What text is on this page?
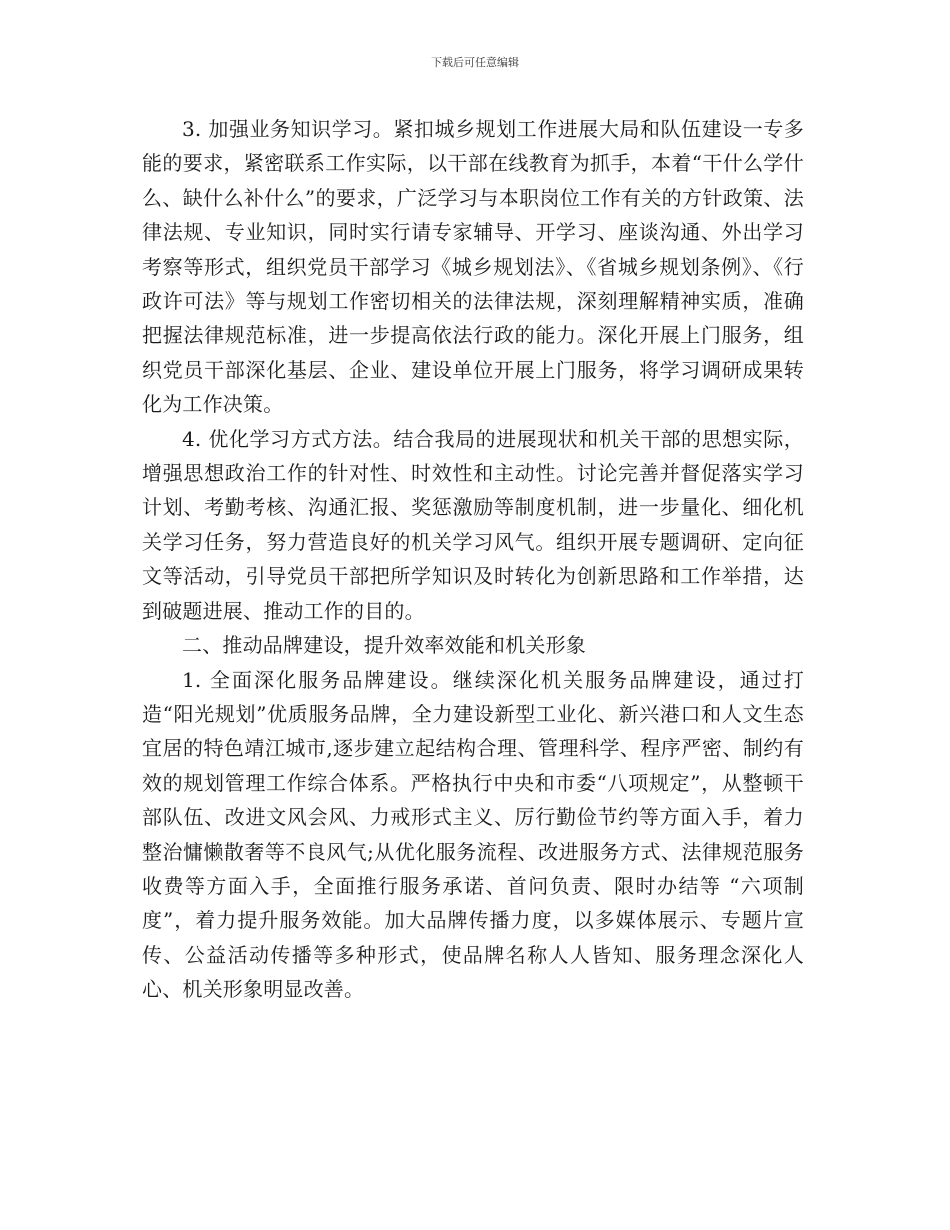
下载后可任意编辑

3. 加强业务知识学习。紧扣城乡规划工作进展大局和队伍建设一专多能的要求，紧密联系工作实际，以干部在线教育为抓手，本着“干什么学什么、缺什么补什么”的要求，广泛学习与本职岗位工作有关的方针政策、法律法规、专业知识，同时实行请专家辅导、开学习、座谈沟通、外出学习考察等形式，组织党员干部学习《城乡规划法》、《省城乡规划条例》、《行政许可法》等与规划工作密切相关的法律法规，深刻理解精神实质，准确把握法律规范标准，进一步提高依法行政的能力。深化开展上门服务，组织党员干部深化基层、企业、建设单位开展上门服务，将学习调研成果转化为工作决策。

4. 优化学习方式方法。结合我局的进展现状和机关干部的思想实际，增强思想政治工作的针对性、时效性和主动性。讨论完善并督促落实学习计划、考勤考核、沟通汇报、奖惩激励等制度机制，进一步量化、细化机关学习任务，努力营造良好的机关学习风气。组织开展专题调研、定向征文等活动，引导党员干部把所学知识及时转化为创新思路和工作举措，达到破题进展、推动工作的目的。

二、推动品牌建设，提升效率效能和机关形象

1. 全面深化服务品牌建设。继续深化机关服务品牌建设，通过打造“阳光规划”优质服务品牌，全力建设新型工业化、新兴港口和人文生态宜居的特色靖江城市,逐步建立起结构合理、管理科学、程序严密、制约有效的规划管理工作综合体系。严格执行中央和市委“八项规定”，从整顿干部队伍、改进文风会风、力戒形式主义、厉行勤俭节约等方面入手，着力整治慵懒散奢等不良风气;从优化服务流程、改进服务方式、法律规范服务收费等方面入手，全面推行服务承诺、首问负责、限时办结等 “六项制度”，着力提升服务效能。加大品牌传播力度，以多媒体展示、专题片宣传、公益活动传播等多种形式，使品牌名称人人皆知、服务理念深化人心、机关形象明显改善。
